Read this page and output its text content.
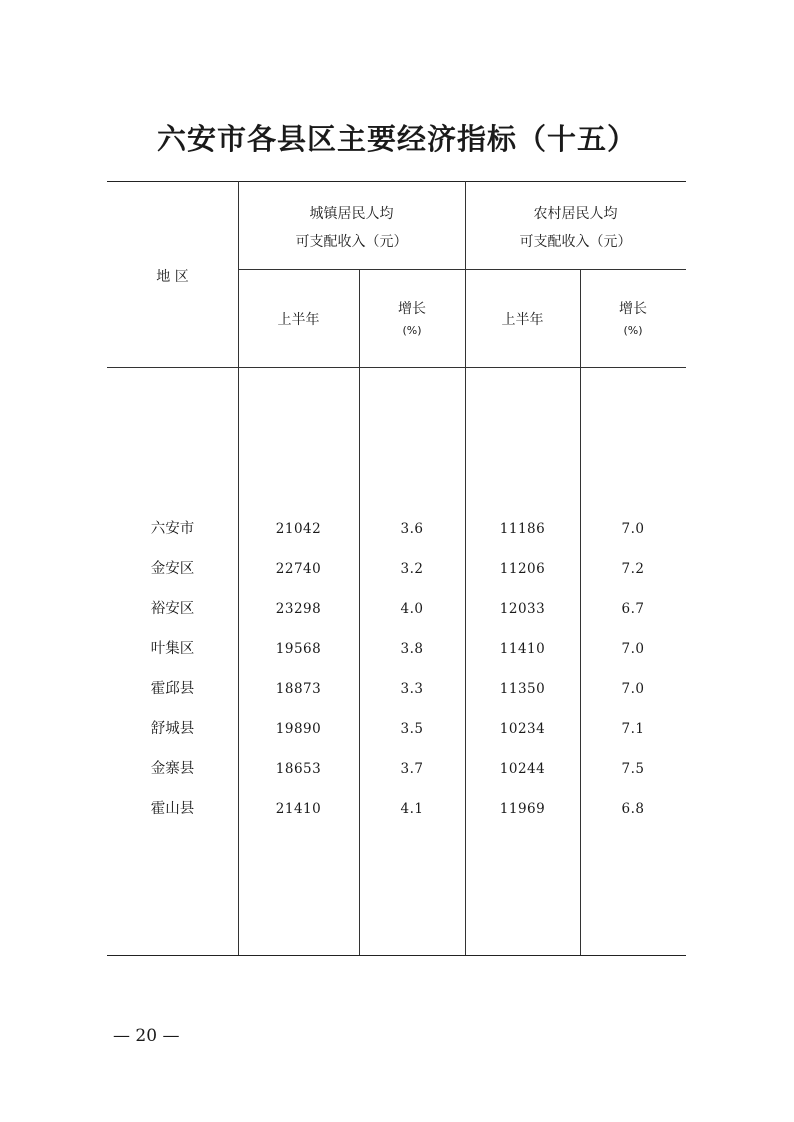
六安市各县区主要经济指标（十五）
地 区
城镇居民人均
可支配收入（元）
农村居民人均
可支配收入（元）
上半年
增长
(%)
上半年
增长
(%)
六安市	21042	3.6	11186	7.0
金安区	22740	3.2	11206	7.2
裕安区	23298	4.0	12033	6.7
叶集区	19568	3.8	11410	7.0
霍邱县	18873	3.3	11350	7.0
舒城县	19890	3.5	10234	7.1
金寨县	18653	3.7	10244	7.5
霍山县	21410	4.1	11969	6.8
— 20 —
